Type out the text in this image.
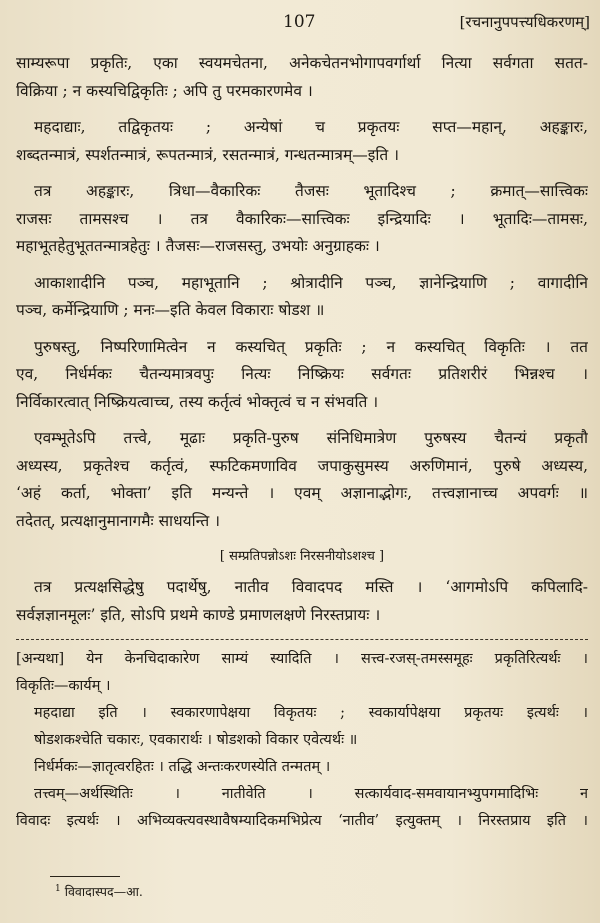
107	[रचनानुपपत्त्यधिकरणम्]
साम्यरूपा प्रकृतिः, एका स्वयमचेतना, अनेकचेतनभोगापवर्गार्था नित्या सर्वगता सतत-
विक्रिया ; न कस्यचिद्विकृतिः ; अपि तु परमकारणमेव ।
महदाद्याः, तद्विकृतयः ; अन्येषां च प्रकृतयः सप्त—महान्, अहङ्कारः,
शब्दतन्मात्रं, स्पर्शतन्मात्रं, रूपतन्मात्रं, रसतन्मात्रं, गन्धतन्मात्रम्—इति ।
तत्र अहङ्कारः, त्रिधा—वैकारिकः तैजसः भूतादिश्च ; क्रमात्—सात्त्विकः
राजसः तामसश्च । तत्र वैकारिकः—सात्त्विकः इन्द्रियादिः । भूतादिः—तामसः,
महाभूतहेतुभूततन्मात्रहेतुः । तैजसः—राजसस्तु, उभयोः अनुग्राहकः ।
आकाशादीनि पञ्च, महाभूतानि ; श्रोत्रादीनि पञ्च, ज्ञानेन्द्रियाणि ; वागादीनि
पञ्च, कर्मेन्द्रियाणि ; मनः—इति केवल विकाराः षोडश ॥
पुरुषस्तु, निष्परिणामित्वेन न कस्यचित् प्रकृतिः ; न कस्यचित् विकृतिः । तत
एव, निर्धर्मकः चैतन्यमात्रवपुः नित्यः निष्क्रियः सर्वगतः प्रतिशरीरं भिन्नश्च ।
निर्विकारत्वात् निष्क्रियत्वाच्च, तस्य कर्तृत्वं भोक्तृत्वं च न संभवति ।
एवम्भूतेऽपि तत्त्वे, मूढाः प्रकृति-पुरुष संनिधिमात्रेण पुरुषस्य चैतन्यं प्रकृतौ
अध्यस्य, प्रकृतेश्च कर्तृत्वं, स्फटिकमणाविव जपाकुसुमस्य अरुणिमानं, पुरुषे अध्यस्य,
‘अहं कर्ता, भोक्ता’ इति मन्यन्ते । एवम् अज्ञानाद्भोगः, तत्त्वज्ञानाच्च अपवर्गः ॥
तदेतत्, प्रत्यक्षानुमानागमैः साधयन्ति ।
[ सम्प्रतिपन्नोऽशः निरसनीयोऽशश्च ]
तत्र प्रत्यक्षसिद्धेषु पदार्थेषु, नातीव विवादपद मस्ति । ‘आगमोऽपि कपिलादि-
सर्वज्ञज्ञानमूलः’ इति, सोऽपि प्रथमे काण्डे प्रमाणलक्षणे निरस्तप्रायः ।
[अन्यथा] येन केनचिदाकारेण साम्यं स्यादिति । सत्त्व-रजस्-तमस्समूहः प्रकृतिरित्यर्थः ।
विकृतिः—कार्यम् ।
महदाद्या इति । स्वकारणापेक्षया विकृतयः ; स्वकार्यापेक्षया प्रकृतयः इत्यर्थः ।
षोडशकश्चेति चकारः, एवकारार्थः । षोडशको विकार एवेत्यर्थः ॥
निर्धर्मकः—ज्ञातृत्वरहितः । तद्धि अन्तःकरणस्येति तन्मतम् ।
तत्त्वम्—अर्थस्थितिः । नातीवेति । सत्कार्यवाद-समवायानभ्युपगमादिभिः न
विवादः इत्यर्थः । अभिव्यक्त्यवस्थावैषम्यादिकमभिप्रेत्य ‘नातीव’ इत्युक्तम् । निरस्तप्राय इति ।
$^1$ विवादास्पद—आ.
